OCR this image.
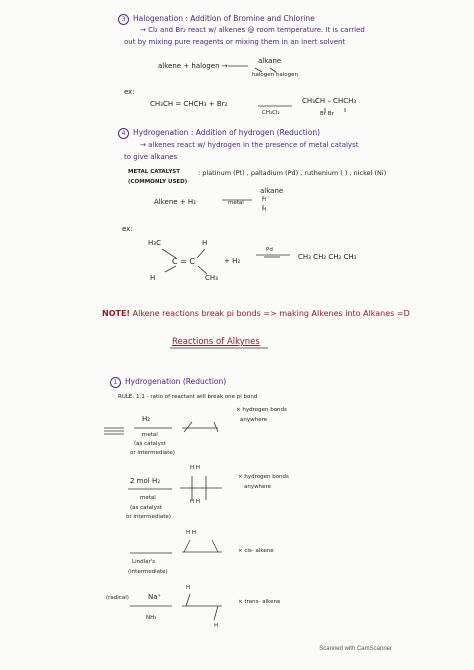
3 Halogenation : Addition of Bromine and Chlorine
→ Cl₂ and Br₂ react w/ alkenes @ room temperature. It is carried
out by mixing pure reagents or mixing them in an inert solvent
alkene + halogen →
alkane
halogen halogen
ex:
CH₃CH = CHCH₃ + Br₂
CH₂Cl₂
CH₃CH – CHCH₃
Br Br
4 Hydrogenation : Addition of hydrogen (Reduction)
→ alkenes react w/ hydrogen in the presence of metal catalyst
to give alkanes
METAL CATALYST
(COMMONLY USED)
: platinum (Pt) , palladium (Pd) , ruthenium ( ) , nickel (Ni)
Alkene + H₂	metal
alkane
H
H
ex:
H₃C	H
C = C
H	CH₃
+ H₂
Pd
CH₃ CH₂ CH₂ CH₃
NOTE! Alkene reactions break pi bonds => making Alkenes into Alkanes =D
Reactions of Alkynes
1 Hydrogenation (Reduction)
RULE: 1:1 - ratio of reactant will break one pi bond
H₂
metal
(as catalyst
or intermediate)
× hydrogen bonds
anywhere
2 mol H₂
metal
(as catalyst
or intermediate)
H H
H H
× hydrogen bonds
anywhere
H H
Lindlar's
(intermediate)
× cis- alkene
(radical)	Na⁺
NH₃
H
H
× trans- alkene
Scanned with CamScanner
